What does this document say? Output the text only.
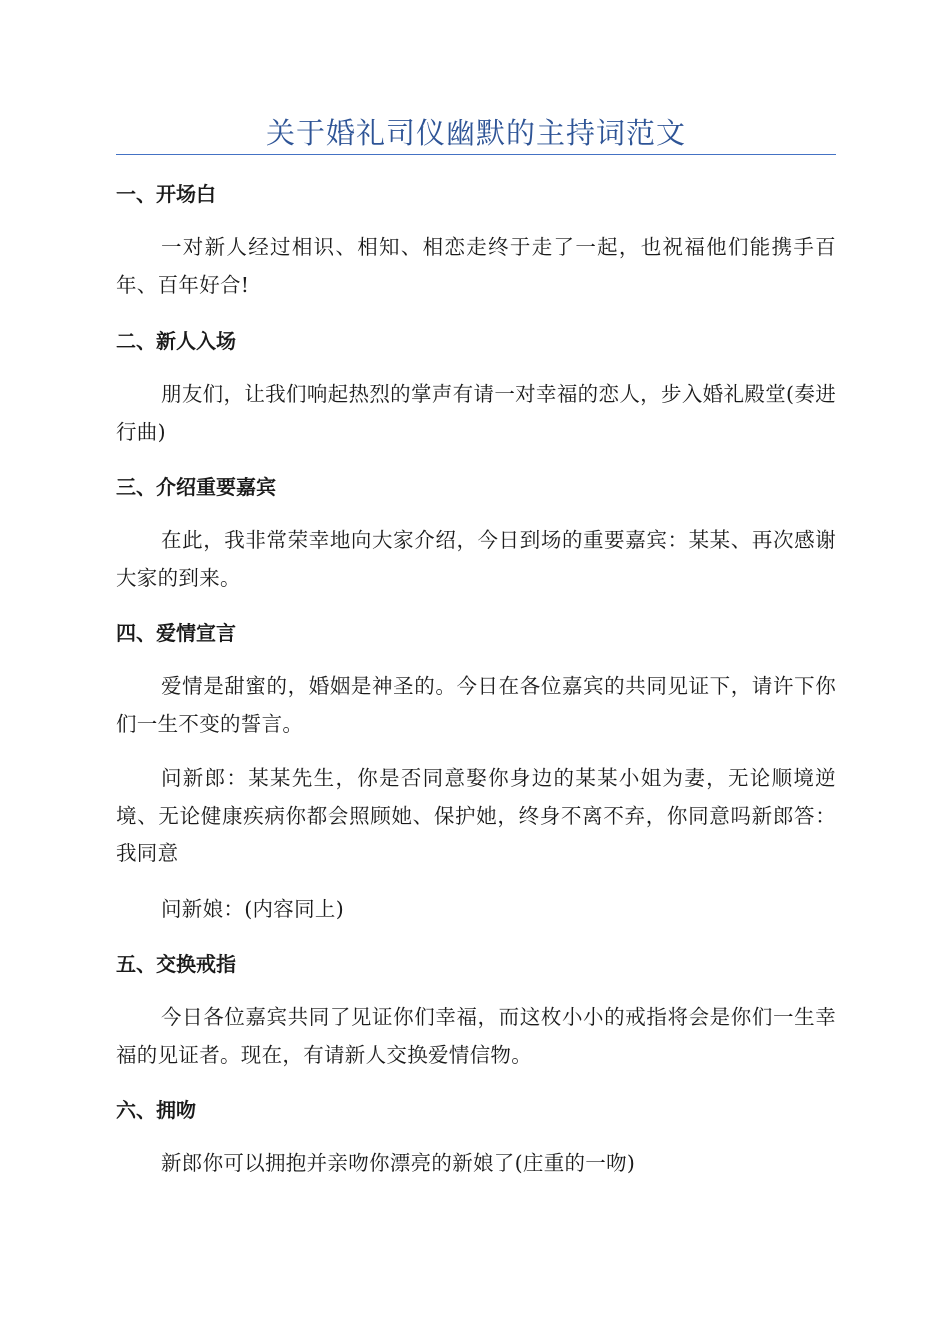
关于婚礼司仪幽默的主持词范文

一、开场白

一对新人经过相识、相知、相恋走终于走了一起，也祝福他们能携手百年、百年好合!

二、新人入场

朋友们，让我们响起热烈的掌声有请一对幸福的恋人，步入婚礼殿堂(奏进行曲)

三、介绍重要嘉宾

在此，我非常荣幸地向大家介绍，今日到场的重要嘉宾：某某、再次感谢大家的到来。

四、爱情宣言

爱情是甜蜜的，婚姻是神圣的。今日在各位嘉宾的共同见证下，请许下你们一生不变的誓言。

问新郎：某某先生，你是否同意娶你身边的某某小姐为妻，无论顺境逆境、无论健康疾病你都会照顾她、保护她，终身不离不弃，你同意吗新郎答：我同意

问新娘：(内容同上)

五、交换戒指

今日各位嘉宾共同了见证你们幸福，而这枚小小的戒指将会是你们一生幸福的见证者。现在，有请新人交换爱情信物。

六、拥吻

新郎你可以拥抱并亲吻你漂亮的新娘了(庄重的一吻)
